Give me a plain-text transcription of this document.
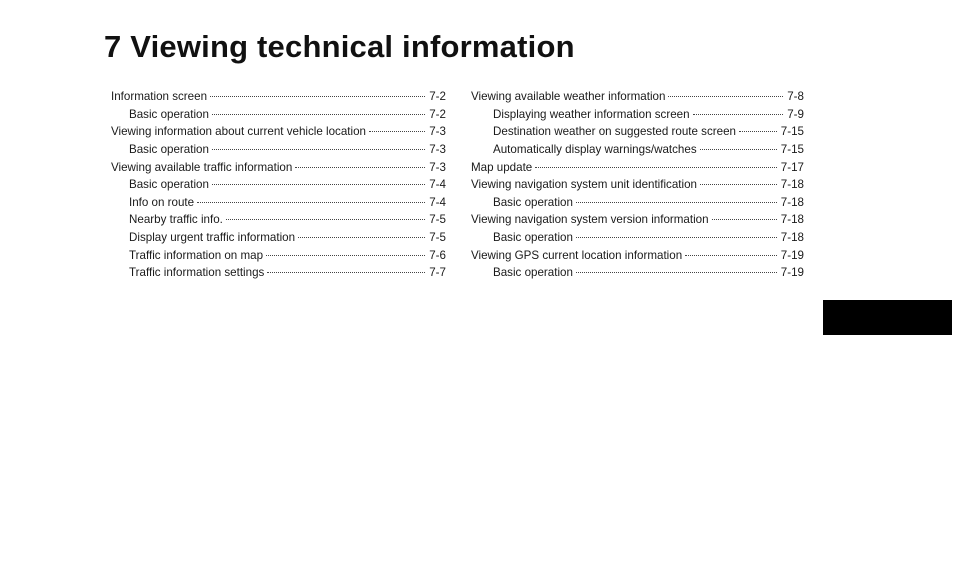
7 Viewing technical information
Information screen	7-2
Basic operation	7-2
Viewing information about current vehicle location	7-3
Basic operation	7-3
Viewing available traffic information	7-3
Basic operation	7-4
Info on route	7-4
Nearby traffic info.	7-5
Display urgent traffic information	7-5
Traffic information on map	7-6
Traffic information settings	7-7
Viewing available weather information	7-8
Displaying weather information screen	7-9
Destination weather on suggested route screen	7-15
Automatically display warnings/watches	7-15
Map update	7-17
Viewing navigation system unit identification	7-18
Basic operation	7-18
Viewing navigation system version information	7-18
Basic operation	7-18
Viewing GPS current location information	7-19
Basic operation	7-19
